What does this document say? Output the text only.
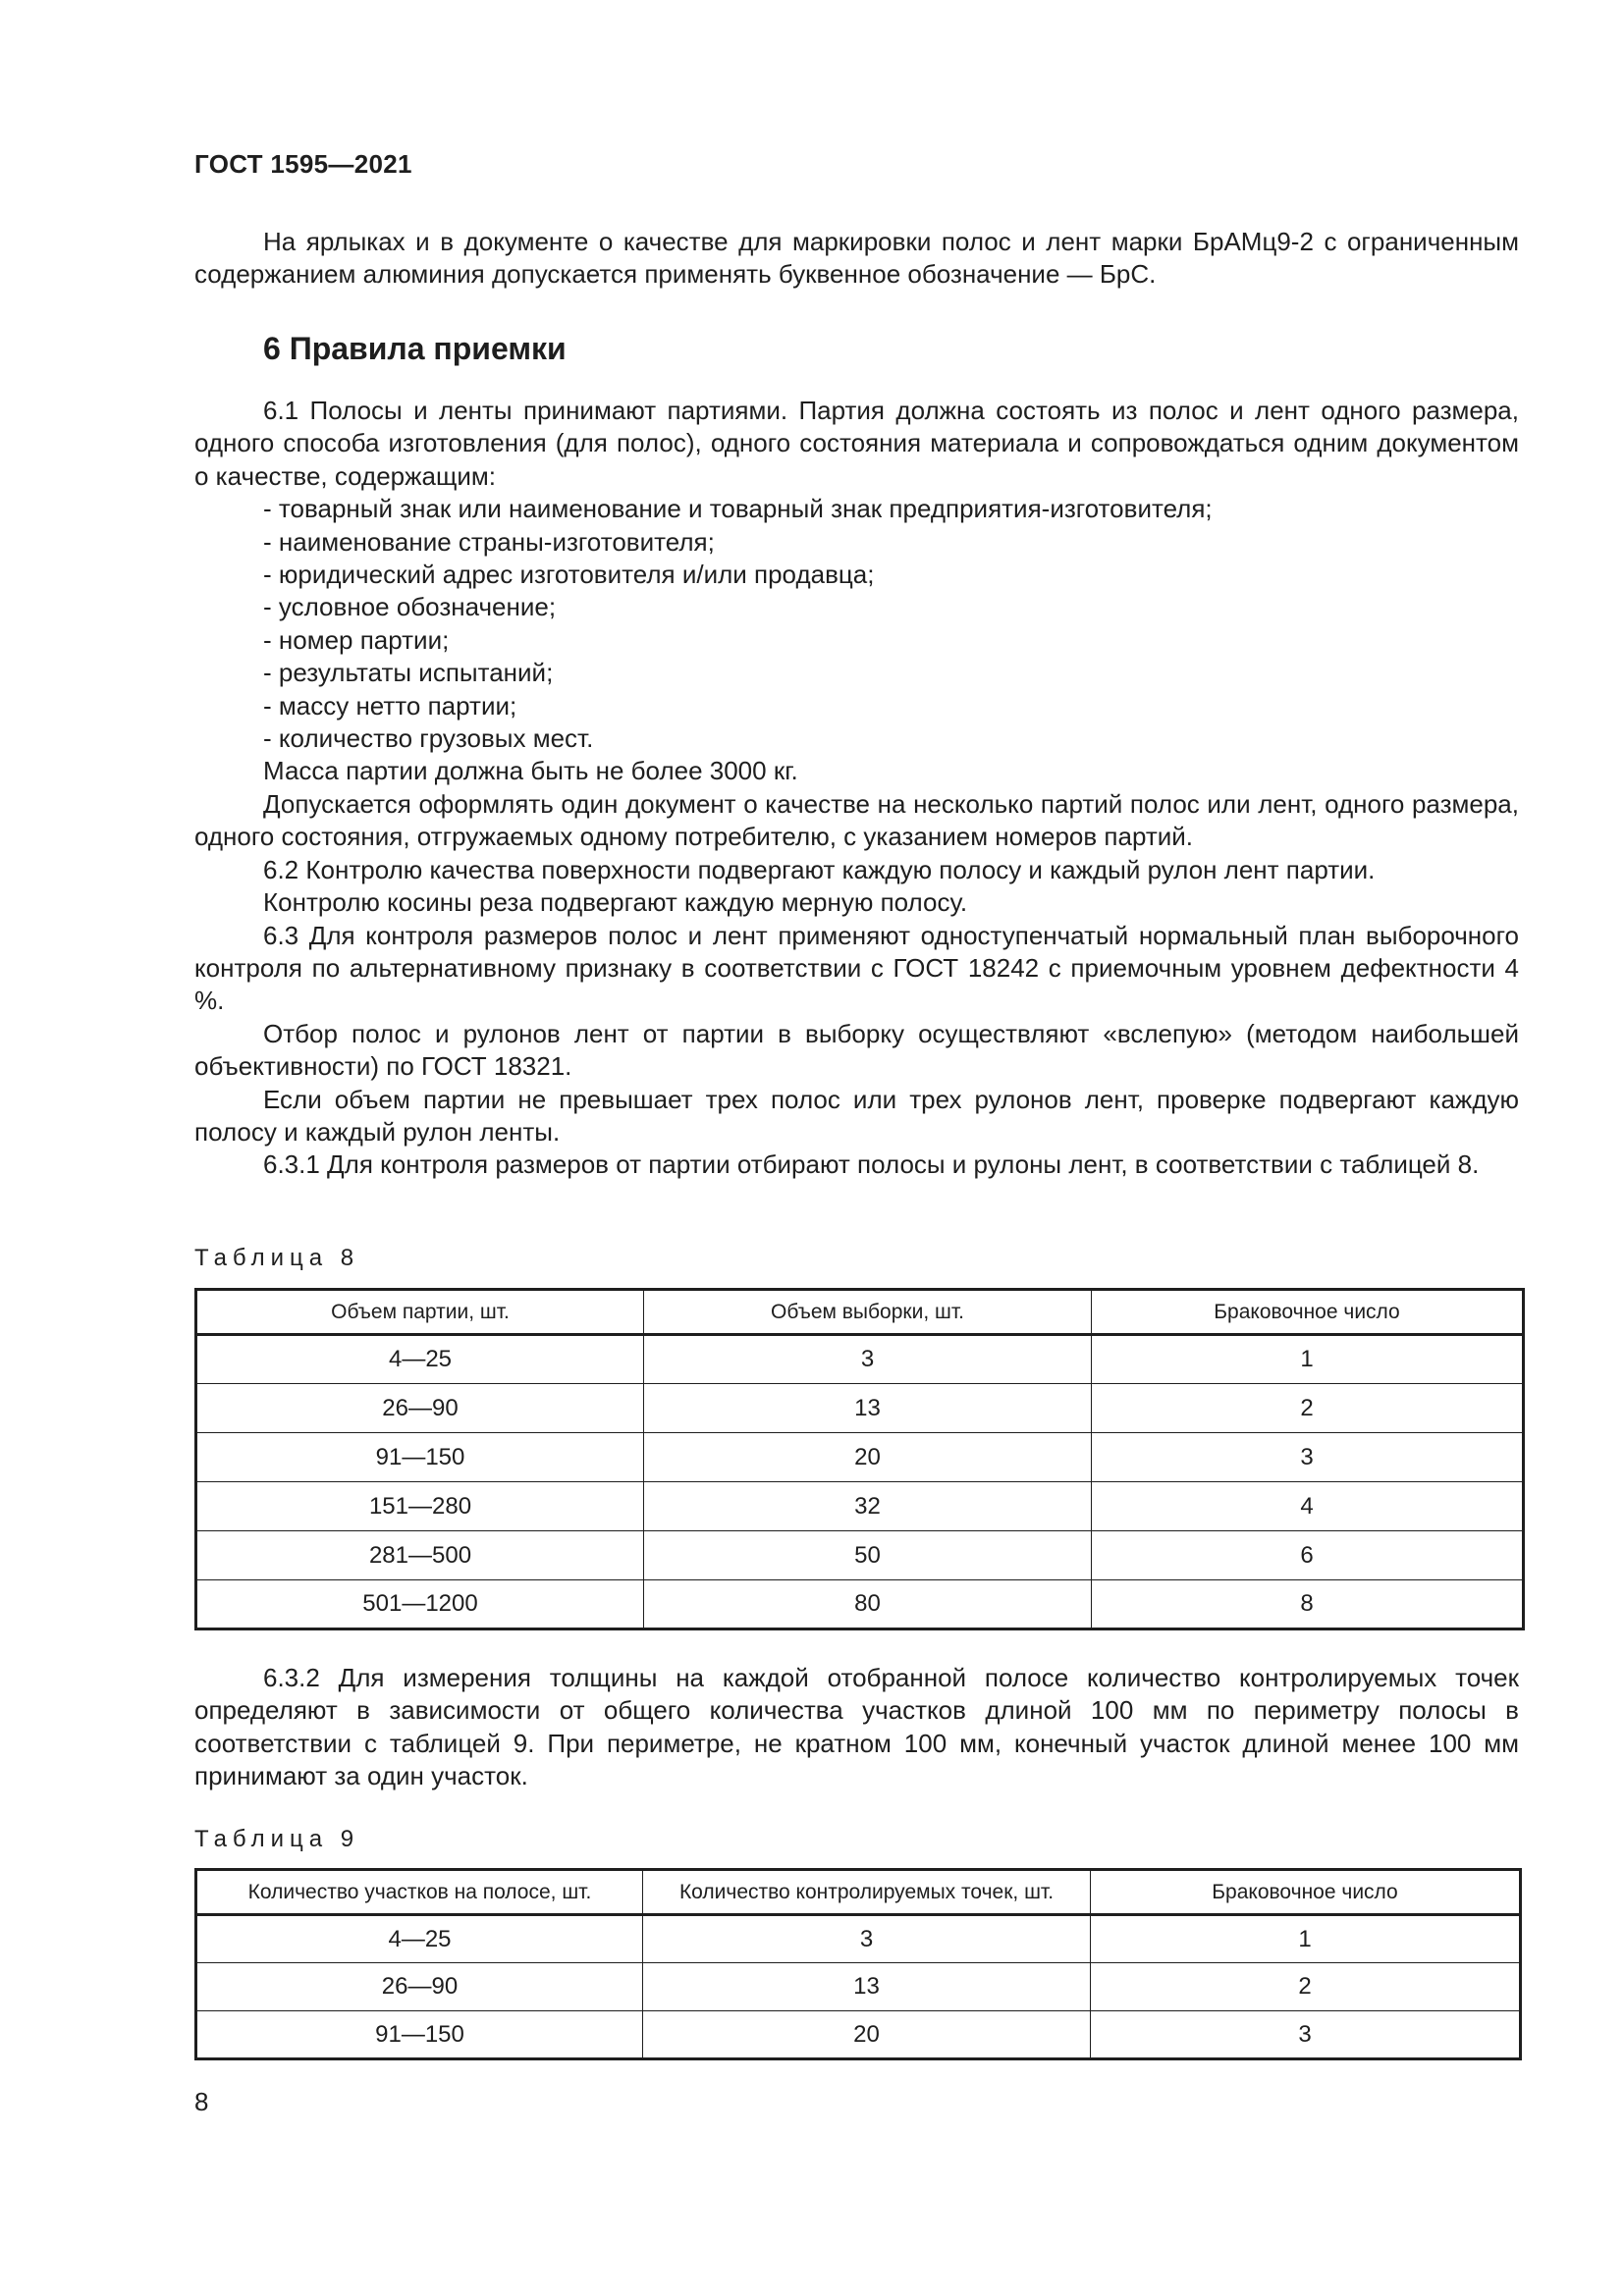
ГОСТ 1595—2021

На ярлыках и в документе о качестве для маркировки полос и лент марки БрАМц9-2 с ограниченным содержанием алюминия допускается применять буквенное обозначение — БрС.

6 Правила приемки

6.1 Полосы и ленты принимают партиями. Партия должна состоять из полос и лент одного размера, одного способа изготовления (для полос), одного состояния материала и сопровождаться одним документом о качестве, содержащим:

- товарный знак или наименование и товарный знак предприятия-изготовителя;

- наименование страны-изготовителя;

- юридический адрес изготовителя и/или продавца;

- условное обозначение;

- номер партии;

- результаты испытаний;

- массу нетто партии;

- количество грузовых мест.

Масса партии должна быть не более 3000 кг.

Допускается оформлять один документ о качестве на несколько партий полос или лент, одного размера, одного состояния, отгружаемых одному потребителю, с указанием номеров партий.

6.2 Контролю качества поверхности подвергают каждую полосу и каждый рулон лент партии.

Контролю косины реза подвергают каждую мерную полосу.

6.3 Для контроля размеров полос и лент применяют одноступенчатый нормальный план выборочного контроля по альтернативному признаку в соответствии с ГОСТ 18242 с приемочным уровнем дефектности 4 %.

Отбор полос и рулонов лент от партии в выборку осуществляют «вслепую» (методом наибольшей объективности) по ГОСТ 18321.

Если объем партии не превышает трех полос или трех рулонов лент, проверке подвергают каждую полосу и каждый рулон ленты.

6.3.1 Для контроля размеров от партии отбирают полосы и рулоны лент, в соответствии с таблицей 8.

Таблица 8
Объем партии, шт.	Объем выборки, шт.	Браковочное число
4—25	3	1
26—90	13	2
91—150	20	3
151—280	32	4
281—500	50	6
501—1200	80	8

6.3.2 Для измерения толщины на каждой отобранной полосе количество контролируемых точек определяют в зависимости от общего количества участков длиной 100 мм по периметру полосы в соответствии с таблицей 9. При периметре, не кратном 100 мм, конечный участок длиной менее 100 мм принимают за один участок.

Таблица 9
Количество участков на полосе, шт.	Количество контролируемых точек, шт.	Браковочное число
4—25	3	1
26—90	13	2
91—150	20	3
8
